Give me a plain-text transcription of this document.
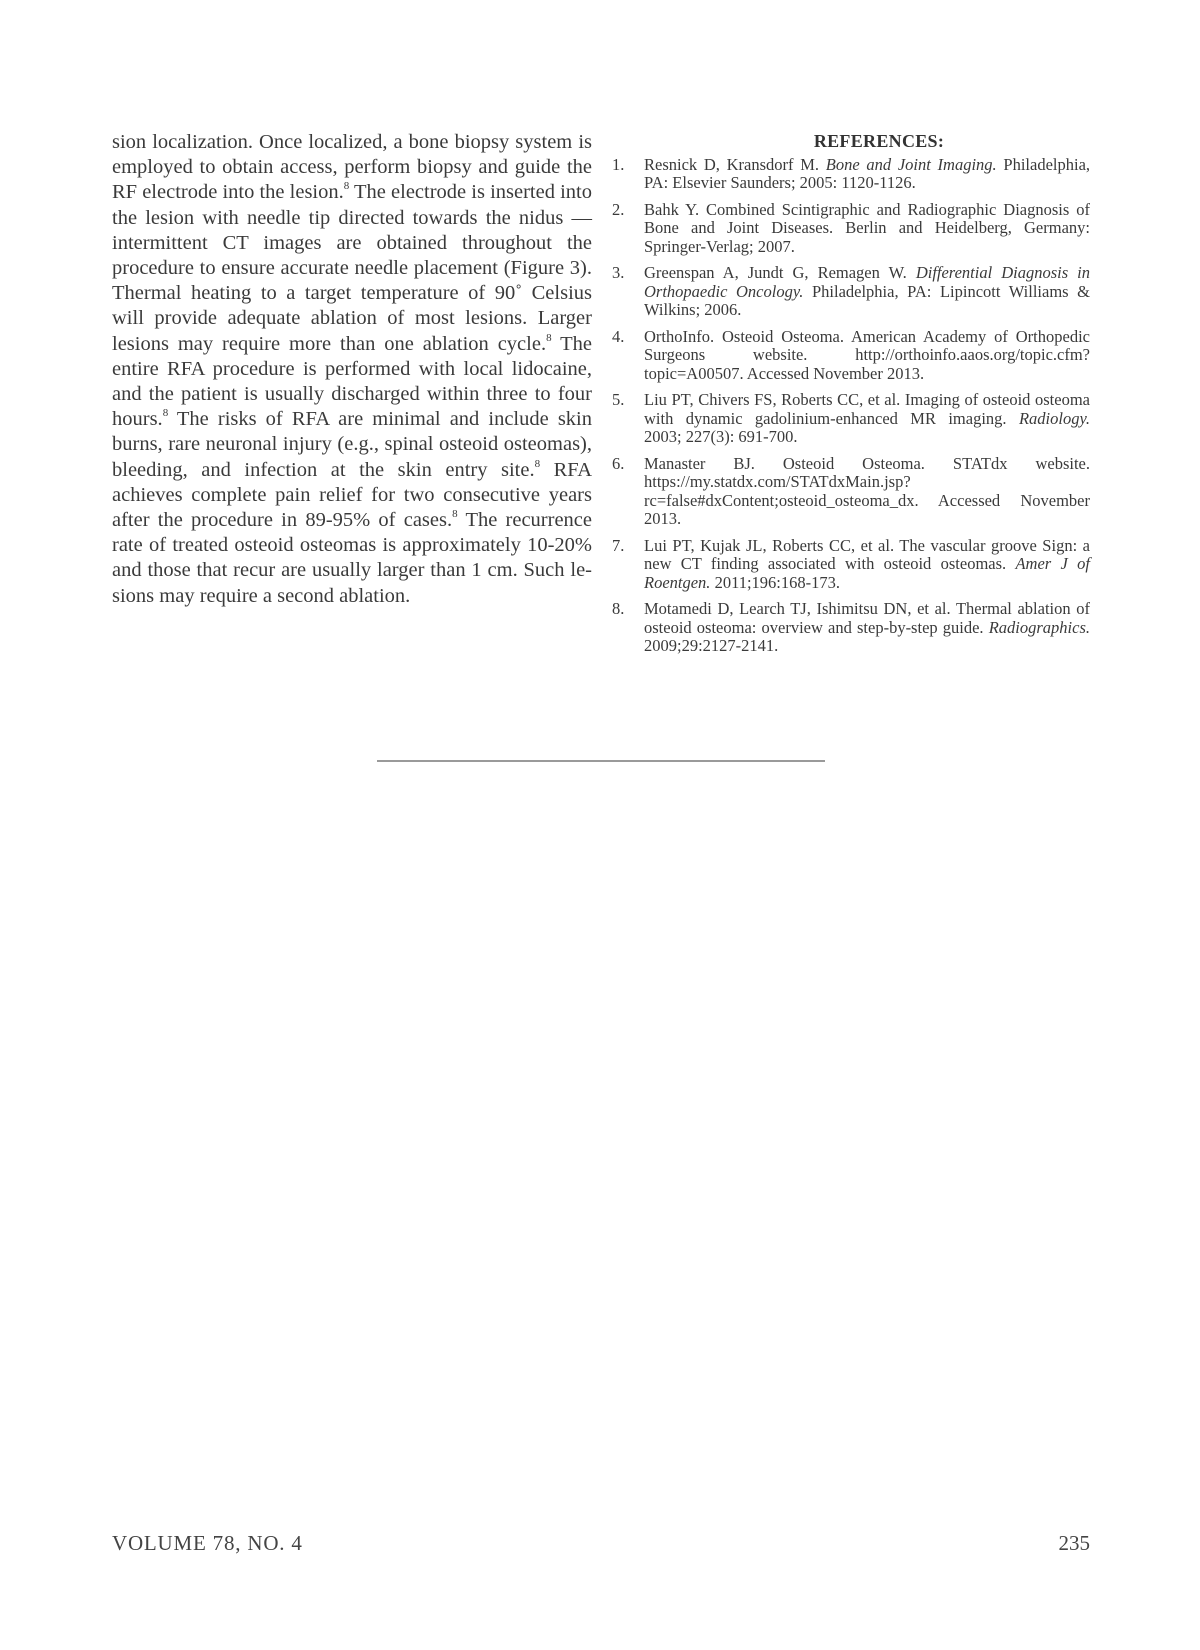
sion localization. Once localized, a bone biopsy system is employed to obtain access, perform biopsy and guide the RF electrode into the lesion.$^8$ The electrode is inserted into the lesion with needle tip directed towards the nidus — intermittent CT images are obtained throughout the procedure to ensure accurate needle placement (Figure 3). Thermal heating to a target temperature of 90˚ Celsius will provide adequate ablation of most lesions. Larger lesions may require more than one ablation cycle.$^8$ The entire RFA procedure is performed with local lidocaine, and the patient is usually discharged within three to four hours.$^8$ The risks of RFA are minimal and include skin burns, rare neuronal injury (e.g., spinal osteoid osteomas), bleeding, and infection at the skin entry site.$^8$ RFA achieves complete pain relief for two consecutive years after the procedure in 89-95% of cases.$^8$ The recurrence rate of treated osteoid osteomas is approximately 10-20% and those that recur are usually larger than 1 cm. Such lesions may require a second ablation.

REFERENCES:
1.	Resnick D, Kransdorf M. Bone and Joint Imaging. Philadelphia, PA: Elsevier Saunders; 2005: 1120-1126.
2.	Bahk Y. Combined Scintigraphic and Radiographic Diagnosis of Bone and Joint Diseases. Berlin and Heidelberg, Germany: Springer-Verlag; 2007.
3.	Greenspan A, Jundt G, Remagen W. Differential Diagnosis in Orthopaedic Oncology. Philadelphia, PA: Lipincott Williams & Wilkins; 2006.
4.	OrthoInfo. Osteoid Osteoma. American Academy of Orthopedic Surgeons website. http://orthoinfo.aaos.org/topic.cfm?topic=A00507. Accessed November 2013.
5.	Liu PT, Chivers FS, Roberts CC, et al. Imaging of osteoid osteoma with dynamic gadolinium-enhanced MR imaging. Radiology. 2003; 227(3): 691-700.
6.	Manaster BJ. Osteoid Osteoma. STATdx website. https://my.statdx.com/STATdxMain.jsp?rc=false#dxContent;osteoid_osteoma_dx. Accessed November 2013.
7.	Lui PT, Kujak JL, Roberts CC, et al. The vascular groove Sign: a new CT finding associated with osteoid osteomas. Amer J of Roentgen. 2011;196:168-173.
8.	Motamedi D, Learch TJ, Ishimitsu DN, et al. Thermal ablation of osteoid osteoma: overview and step-by-step guide. Radiographics. 2009;29:2127-2141.
VOLUME 78, NO. 4	235
